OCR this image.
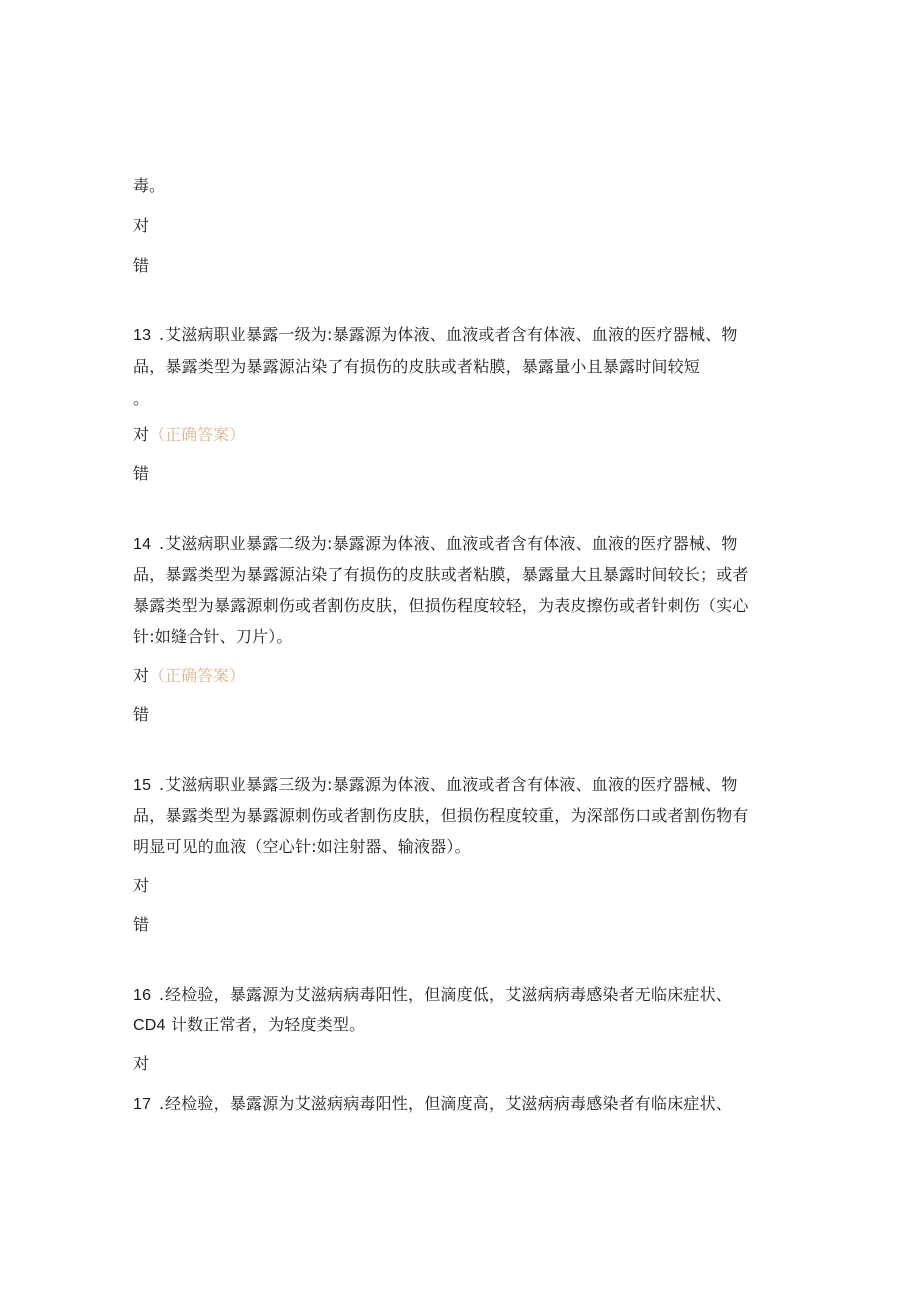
毒。
对
错
13 .艾滋病职业暴露一级为:暴露源为体液、血液或者含有体液、血液的医疗器械、物
品，暴露类型为暴露源沾染了有损伤的皮肤或者粘膜，暴露量小且暴露时间较短
。
对（正确答案）
错
14 .艾滋病职业暴露二级为:暴露源为体液、血液或者含有体液、血液的医疗器械、物
品，暴露类型为暴露源沾染了有损伤的皮肤或者粘膜，暴露量大且暴露时间较长；或者
暴露类型为暴露源刺伤或者割伤皮肤，但损伤程度较轻，为表皮擦伤或者针刺伤（实心
针:如缝合针、刀片）。
对（正确答案）
错
15 .艾滋病职业暴露三级为:暴露源为体液、血液或者含有体液、血液的医疗器械、物
品，暴露类型为暴露源刺伤或者割伤皮肤，但损伤程度较重，为深部伤口或者割伤物有
明显可见的血液（空心针:如注射器、输液器）。
对
错
16 .经检验，暴露源为艾滋病病毒阳性，但滴度低，艾滋病病毒感染者无临床症状、
CD4 计数正常者，为轻度类型。
对
17 .经检验，暴露源为艾滋病病毒阳性，但滴度高，艾滋病病毒感染者有临床症状、
